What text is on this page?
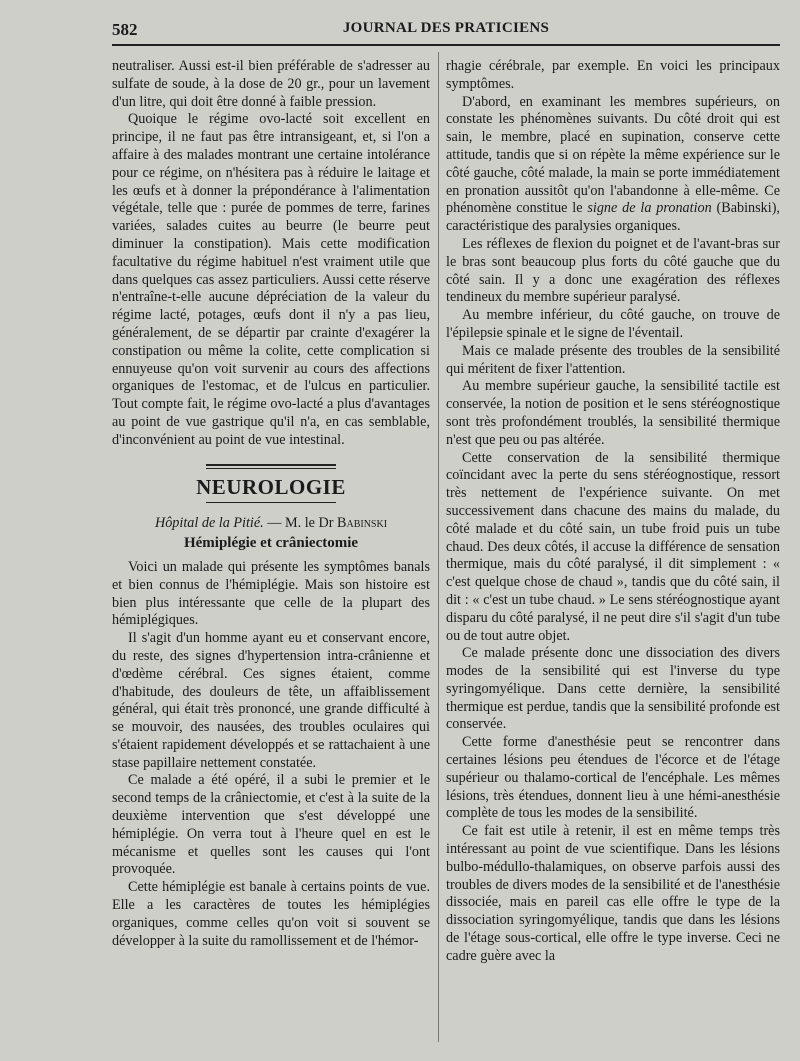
582	JOURNAL DES PRATICIENS

neutraliser. Aussi est-il bien préférable de s'adresser au sulfate de soude, à la dose de 20 gr., pour un lavement d'un litre, qui doit être donné à faible pression.

Quoique le régime ovo-lacté soit excellent en principe, il ne faut pas être intransigeant, et, si l'on a affaire à des malades montrant une certaine intolérance pour ce régime, on n'hésitera pas à réduire le laitage et les œufs et à donner la prépondérance à l'alimentation végétale, telle que : purée de pommes de terre, farines variées, salades cuites au beurre (le beurre peut diminuer la constipation). Mais cette modification facultative du régime habituel n'est vraiment utile que dans quelques cas assez particuliers. Aussi cette réserve n'entraîne-t-elle aucune dépréciation de la valeur du régime lacté, potages, œufs dont il n'y a pas lieu, généralement, de se départir par crainte d'exagérer la constipation ou même la colite, cette complication si ennuyeuse qu'on voit survenir au cours des affections organiques de l'estomac, et de l'ulcus en particulier. Tout compte fait, le régime ovo-lacté a plus d'avantages au point de vue gastrique qu'il n'a, en cas semblable, d'inconvénient au point de vue intestinal.

NEUROLOGIE
Hôpital de la Pitié. — M. le Dr Babinski
Hémiplégie et crâniectomie

Voici un malade qui présente les symptômes banals et bien connus de l'hémiplégie. Mais son histoire est bien plus intéressante que celle de la plupart des hémiplégiques.

Il s'agit d'un homme ayant eu et conservant encore, du reste, des signes d'hypertension intra-crânienne et d'œdème cérébral. Ces signes étaient, comme d'habitude, des douleurs de tête, un affaiblissement général, qui était très prononcé, une grande difficulté à se mouvoir, des nausées, des troubles oculaires qui s'étaient rapidement développés et se rattachaient à une stase papillaire nettement constatée.

Ce malade a été opéré, il a subi le premier et le second temps de la crâniectomie, et c'est à la suite de la deuxième intervention que s'est développé une hémiplégie. On verra tout à l'heure quel en est le mécanisme et quelles sont les causes qui l'ont provoquée.

Cette hémiplégie est banale à certains points de vue. Elle a les caractères de toutes les hémiplégies organiques, comme celles qu'on voit si souvent se développer à la suite du ramollissement et de l'hémor-

rhagie cérébrale, par exemple. En voici les principaux symptômes.

D'abord, en examinant les membres supérieurs, on constate les phénomènes suivants. Du côté droit qui est sain, le membre, placé en supination, conserve cette attitude, tandis que si on répète la même expérience sur le côté gauche, côté malade, la main se porte immédiatement en pronation aussitôt qu'on l'abandonne à elle-même. Ce phénomène constitue le signe de la pronation (Babinski), caractéristique des paralysies organiques.

Les réflexes de flexion du poignet et de l'avant-bras sur le bras sont beaucoup plus forts du côté gauche que du côté sain. Il y a donc une exagération des réflexes tendineux du membre supérieur paralysé.

Au membre inférieur, du côté gauche, on trouve de l'épilepsie spinale et le signe de l'éventail.

Mais ce malade présente des troubles de la sensibilité qui méritent de fixer l'attention.

Au membre supérieur gauche, la sensibilité tactile est conservée, la notion de position et le sens stéréognostique sont très profondément troublés, la sensibilité thermique n'est que peu ou pas altérée.

Cette conservation de la sensibilité thermique coïncidant avec la perte du sens stéréognostique, ressort très nettement de l'expérience suivante. On met successivement dans chacune des mains du malade, du côté malade et du côté sain, un tube froid puis un tube chaud. Des deux côtés, il accuse la différence de sensation thermique, mais du côté paralysé, il dit simplement : « c'est quelque chose de chaud », tandis que du côté sain, il dit : « c'est un tube chaud. » Le sens stéréognostique ayant disparu du côté paralysé, il ne peut dire s'il s'agit d'un tube ou de tout autre objet.

Ce malade présente donc une dissociation des divers modes de la sensibilité qui est l'inverse du type syringomyélique. Dans cette dernière, la sensibilité thermique est perdue, tandis que la sensibilité profonde est conservée.

Cette forme d'anesthésie peut se rencontrer dans certaines lésions peu étendues de l'écorce et de l'étage supérieur ou thalamo-cortical de l'encéphale. Les mêmes lésions, très étendues, donnent lieu à une hémi-anesthésie complète de tous les modes de la sensibilité.

Ce fait est utile à retenir, il est en même temps très intéressant au point de vue scientifique. Dans les lésions bulbo-médullo-thalamiques, on observe parfois aussi des troubles de divers modes de la sensibilité et de l'anesthésie dissociée, mais en pareil cas elle offre le type de la dissociation syringomyélique, tandis que dans les lésions de l'étage sous-cortical, elle offre le type inverse. Ceci ne cadre guère avec la
